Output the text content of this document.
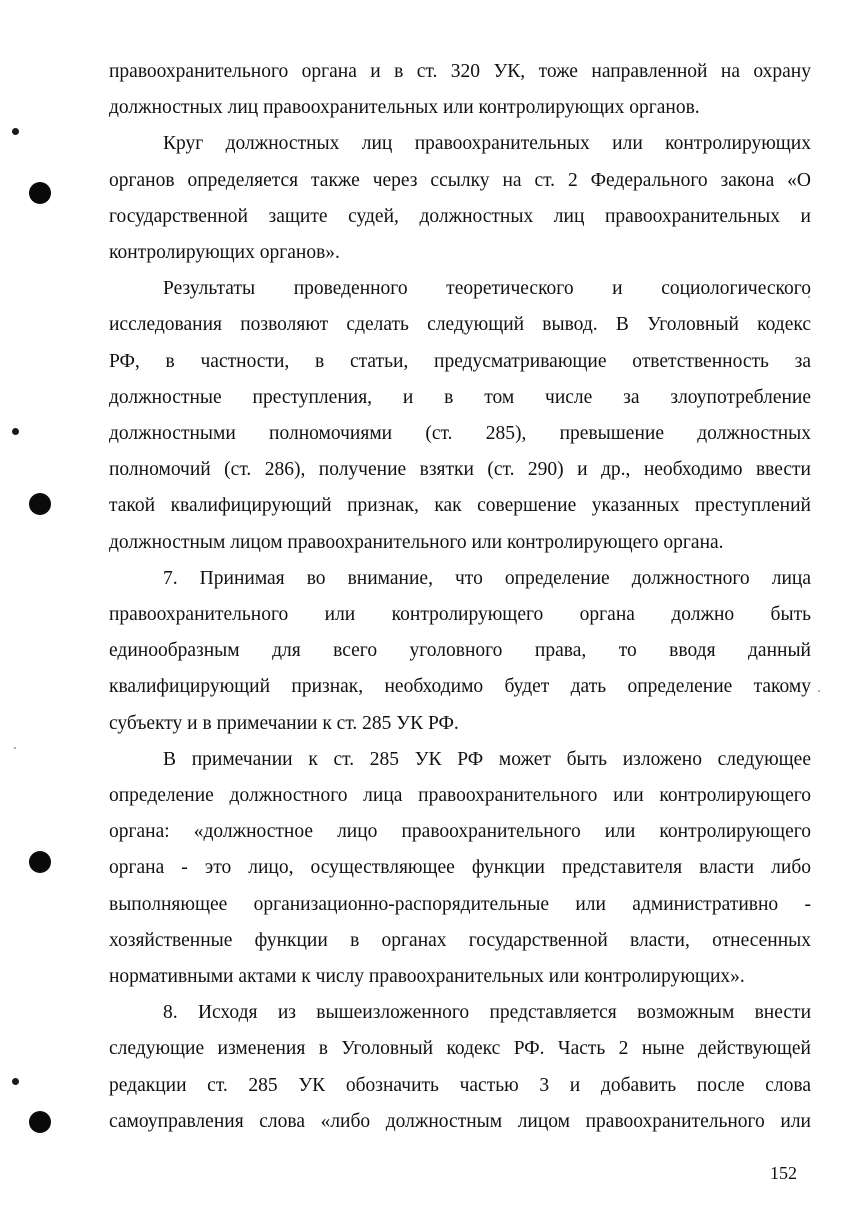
правоохранительного органа и в ст. 320 УК, тоже направленной на охрану
должностных лиц правоохранительных или контролирующих органов.
Круг должностных лиц правоохранительных или контролирующих
органов определяется также через ссылку на ст. 2 Федерального закона «О
государственной защите судей, должностных лиц правоохранительных и
контролирующих органов».
Результаты проведенного теоретического и социологического
исследования позволяют сделать следующий вывод. В Уголовный кодекс
РФ, в частности, в статьи, предусматривающие ответственность за
должностные преступления, и в том числе за злоупотребление
должностными полномочиями (ст. 285), превышение должностных
полномочий (ст. 286), получение взятки (ст. 290) и др., необходимо ввести
такой квалифицирующий признак, как совершение указанных преступлений
должностным лицом правоохранительного или контролирующего органа.
7. Принимая во внимание, что определение должностного лица
правоохранительного или контролирующего органа должно быть
единообразным для всего уголовного права, то вводя данный
квалифицирующий признак, необходимо будет дать определение такому
субъекту и в примечании к ст. 285 УК РФ.
В примечании к ст. 285 УК РФ может быть изложено следующее
определение должностного лица правоохранительного или контролирующего
органа: «должностное лицо правоохранительного или контролирующего
органа - это лицо, осуществляющее функции представителя власти либо
выполняющее организационно-распорядительные или административно -
хозяйственные функции в органах государственной власти, отнесенных
нормативными актами к числу правоохранительных или контролирующих».
8. Исходя из вышеизложенного представляется возможным внести
следующие изменения в Уголовный кодекс РФ. Часть 2 ныне действующей
редакции ст. 285 УК обозначить частью 3 и добавить после слова
самоуправления слова «либо должностным лицом правоохранительного или
152
